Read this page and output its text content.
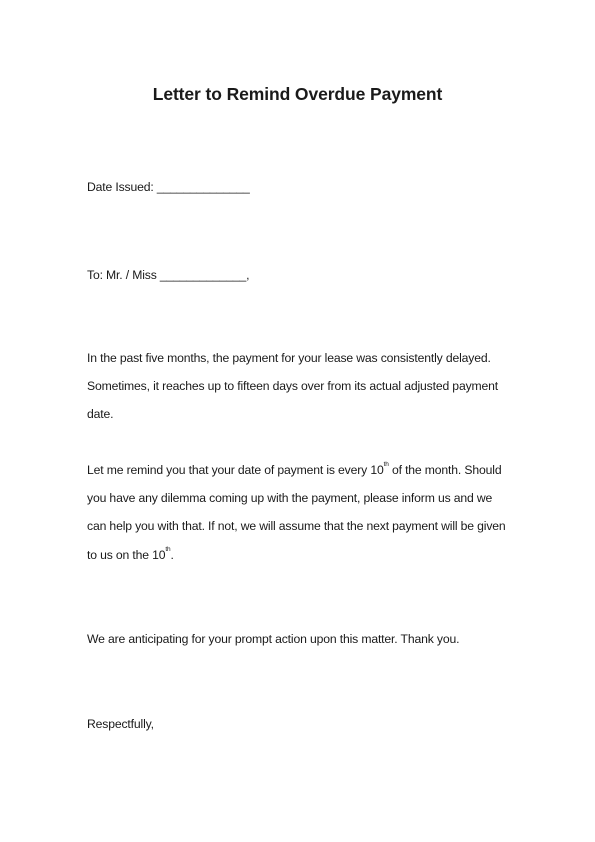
Letter to Remind Overdue Payment
Date Issued: ______________
To: Mr. / Miss _____________,
In the past five months, the payment for your lease was consistently delayed.
Sometimes, it reaches up to fifteen days over from its actual adjusted payment
date.
Let me remind you that your date of payment is every 10th of the month. Should
you have any dilemma coming up with the payment, please inform us and we
can help you with that. If not, we will assume that the next payment will be given
to us on the 10th.
We are anticipating for your prompt action upon this matter. Thank you.
Respectfully,
